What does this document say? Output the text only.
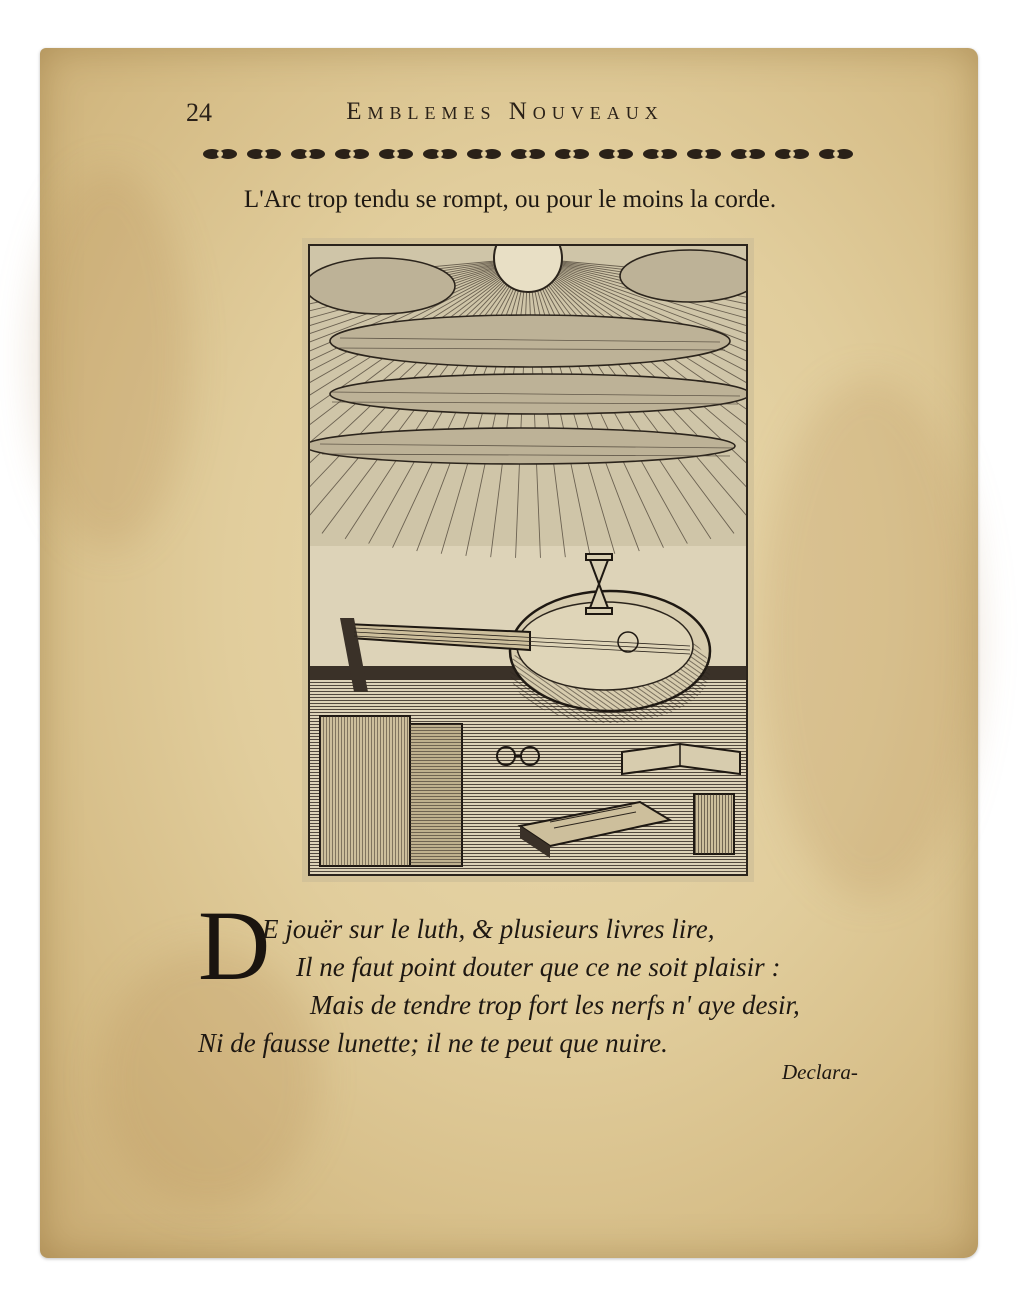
24	Emblemes Nouveaux
L'Arc trop tendu se rompt, ou pour le moins la corde.
D
E jouër sur le luth, & plusieurs livres lire,
Il ne faut point douter que ce ne soit plaisir :
Mais de tendre trop fort les nerfs n' aye desir,
Ni de fausse lunette; il ne te peut que nuire.
Declara-
